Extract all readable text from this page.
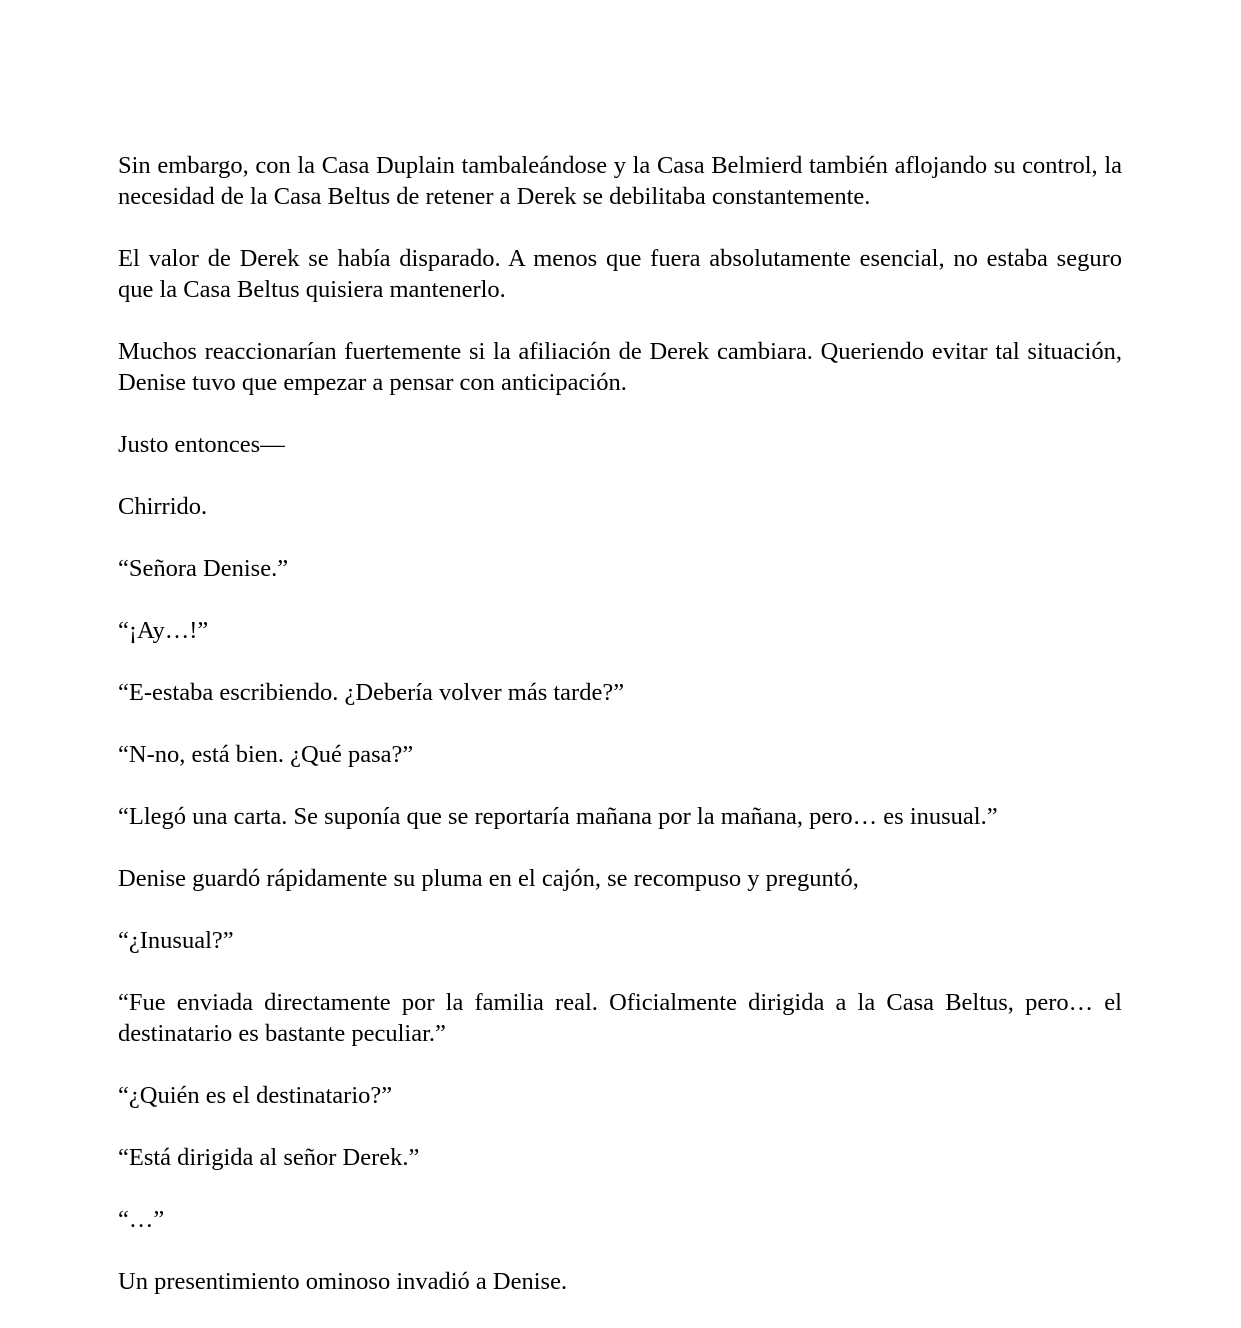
Sin embargo, con la Casa Duplain tambaleándose y la Casa Belmierd también aflojando su control, la necesidad de la Casa Beltus de retener a Derek se debilitaba constantemente.

El valor de Derek se había disparado. A menos que fuera absolutamente esencial, no estaba seguro que la Casa Beltus quisiera mantenerlo.

Muchos reaccionarían fuertemente si la afiliación de Derek cambiara. Queriendo evitar tal situación, Denise tuvo que empezar a pensar con anticipación.

Justo entonces—

Chirrido.

“Señora Denise.”

“¡Ay…!”

“E-estaba escribiendo. ¿Debería volver más tarde?”

“N-no, está bien. ¿Qué pasa?”

“Llegó una carta. Se suponía que se reportaría mañana por la mañana, pero… es inusual.”

Denise guardó rápidamente su pluma en el cajón, se recompuso y preguntó,

“¿Inusual?”

“Fue enviada directamente por la familia real. Oficialmente dirigida a la Casa Beltus, pero… el destinatario es bastante peculiar.”

“¿Quién es el destinatario?”

“Está dirigida al señor Derek.”

“…”

Un presentimiento ominoso invadió a Denise.
